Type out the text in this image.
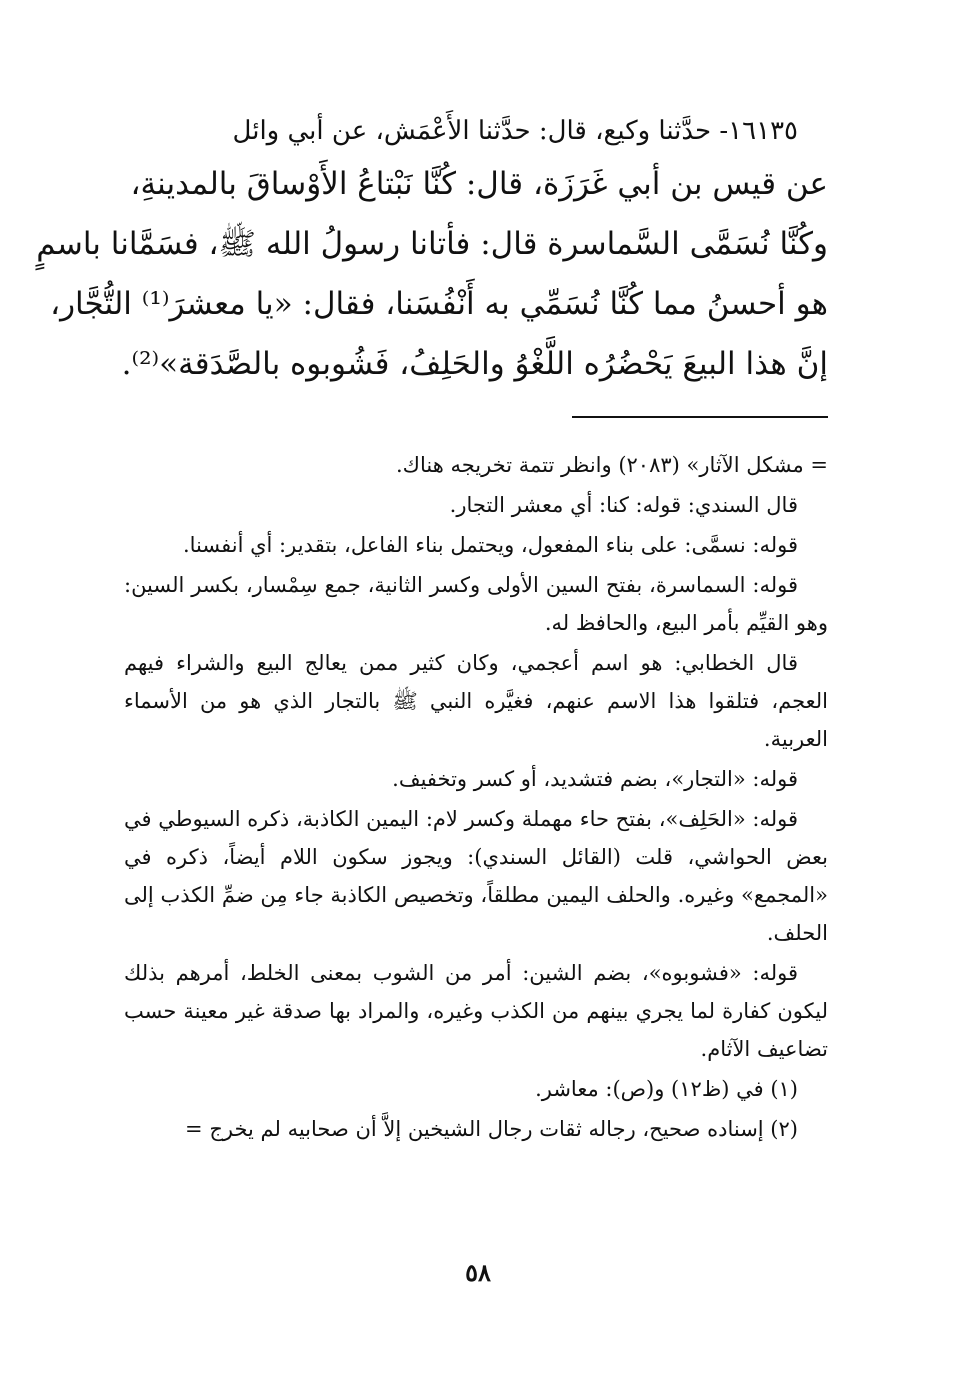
١٦١٣٥- حدَّثنا وكيع، قال: حدَّثنا الأَعْمَش، عن أبي وائل

عن قيس بن أبي غَرَزَة، قال: كُنَّا نَبْتاعُ الأَوْساقَ بالمدينةِ،

وكُنَّا نُسَمَّى السَّماسرة قال: فأتانا رسولُ الله ﷺ، فسَمَّانا باسمٍ

هو أحسنُ مما كُنَّا نُسَمِّي به أَنْفُسَنا، فقال: «يا معشرَ⁽¹⁾ التُّجَّار،

إنَّ هذا البيعَ يَحْضُرُه اللَّغْوُ والحَلِفُ، فَشُوبوه بالصَّدَقة»⁽²⁾.

= مشكل الآثار» (٢٠٨٣) وانظر تتمة تخريجه هناك.

قال السندي: قوله: كنا: أي معشر التجار.

قوله: نسمَّى: على بناء المفعول، ويحتمل بناء الفاعل، بتقدير: أي أنفسنا.

قوله: السماسرة، بفتح السين الأولى وكسر الثانية، جمع سِمْسار، بكسر السين: وهو القيِّم بأمر البيع، والحافظ له.

قال الخطابي: هو اسم أعجمي، وكان كثير ممن يعالج البيع والشراء فيهم العجم، فتلقوا هذا الاسم عنهم، فغيَّره النبي ﷺ بالتجار الذي هو من الأسماء العربية.

قوله: «التجار»، بضم فتشديد، أو كسر وتخفيف.

قوله: «الحَلِف»، بفتح حاء مهملة وكسر لام: اليمين الكاذبة، ذكره السيوطي في بعض الحواشي، قلت (القائل السندي): ويجوز سكون اللام أيضاً، ذكره في «المجمع» وغيره. والحلف اليمين مطلقاً، وتخصيص الكاذبة جاء مِن ضمِّ الكذب إلى الحلف.

قوله: «فشوبوه»، بضم الشين: أمر من الشوب بمعنى الخلط، أمرهم بذلك ليكون كفارة لما يجري بينهم من الكذب وغيره، والمراد بها صدقة غير معينة حسب تضاعيف الآثام.

(١) في (ظ١٢) و(ص): معاشر.

(٢) إسناده صحيح، رجاله ثقات رجال الشيخين إلاَّ أن صحابيه لم يخرج =

٥٨
